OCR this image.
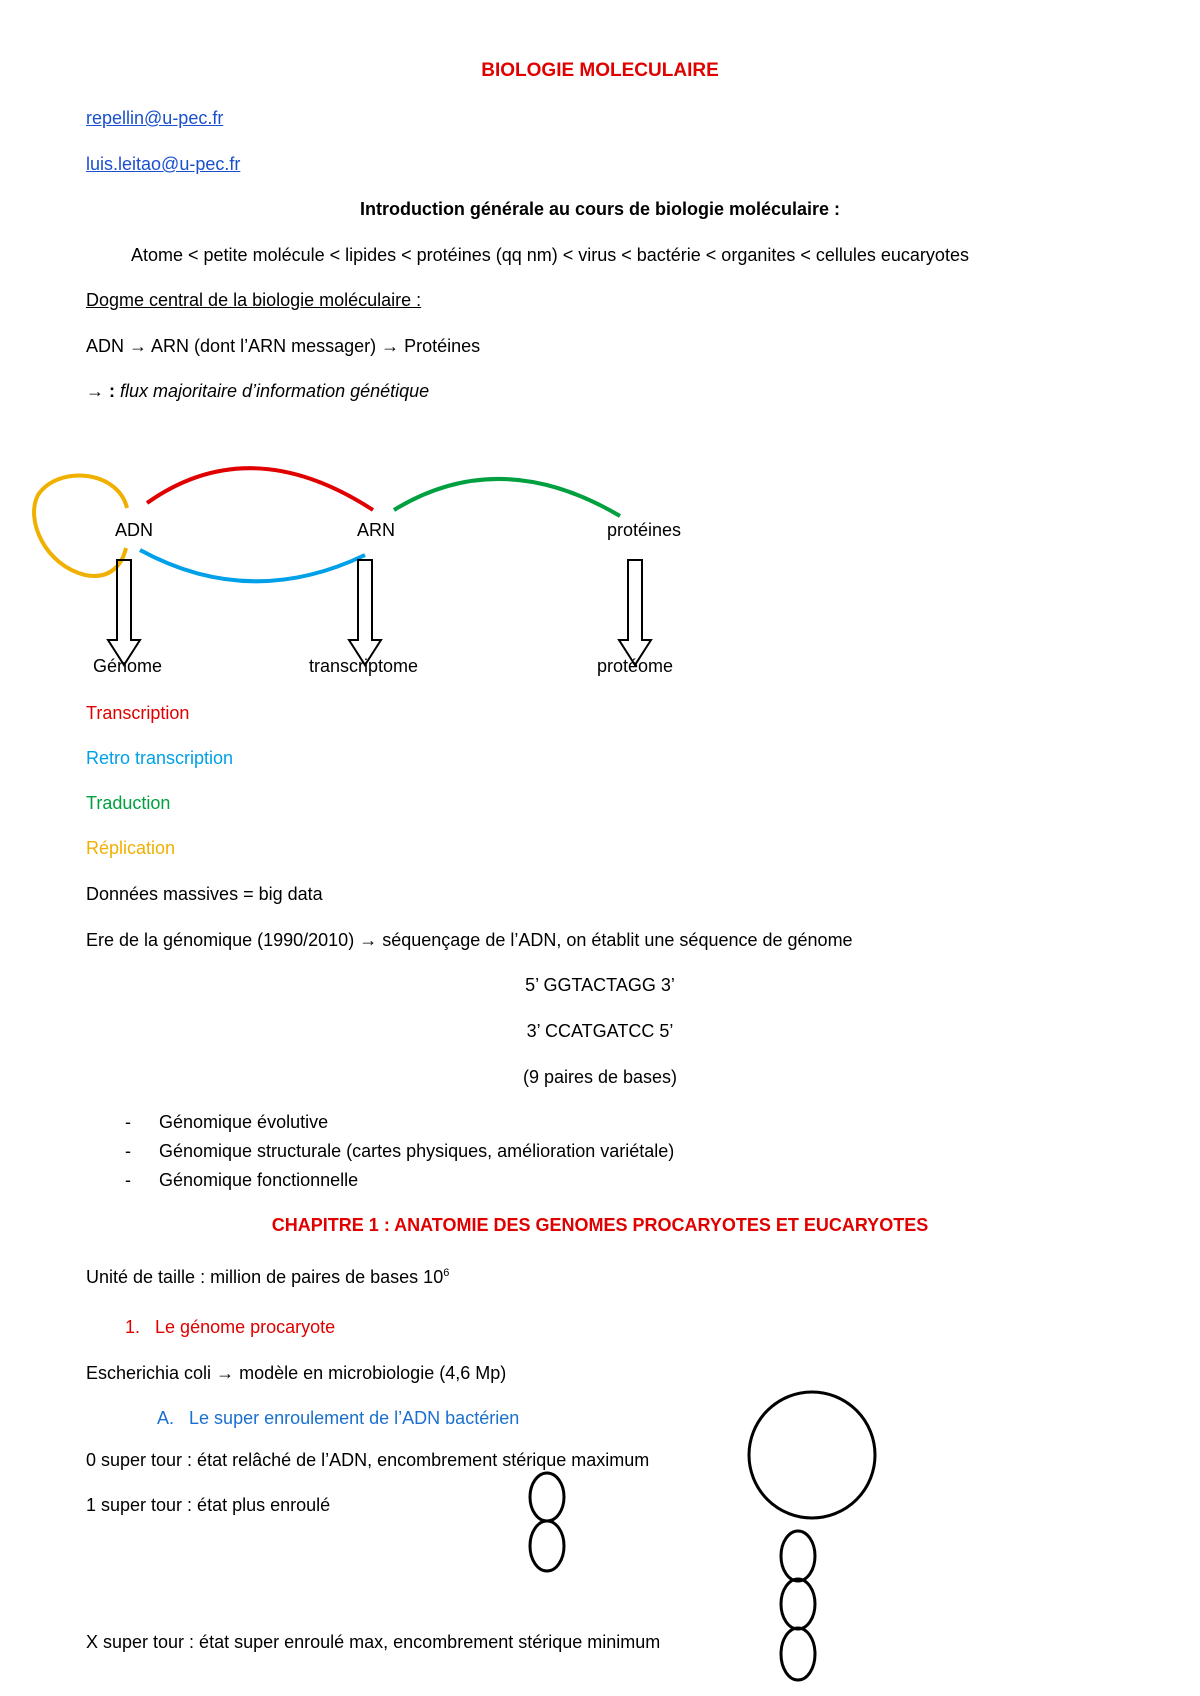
BIOLOGIE MOLECULAIRE
repellin@u-pec.fr
luis.leitao@u-pec.fr
Introduction générale au cours de biologie moléculaire :
Atome < petite molécule < lipides < protéines (qq nm) < virus < bactérie < organites < cellules eucaryotes
Dogme central de la biologie moléculaire :
ADN → ARN (dont l’ARN messager) → Protéines
→ : flux majoritaire d’information génétique
ADN	ARN	protéines
Génome	transcriptome	protéome
Transcription
Retro transcription
Traduction
Réplication
Données massives = big data
Ere de la génomique (1990/2010) → séquençage de l’ADN, on établit une séquence de génome
5’ GGTACTAGG 3’
3’ CCATGATCC 5’
(9 paires de bases)
- Génomique évolutive
- Génomique structurale (cartes physiques, amélioration variétale)
- Génomique fonctionnelle
CHAPITRE 1 : ANATOMIE DES GENOMES PROCARYOTES ET EUCARYOTES
Unité de taille : million de paires de bases $10^6$
1. Le génome procaryote
Escherichia coli → modèle en microbiologie (4,6 Mp)
A. Le super enroulement de l’ADN bactérien
0 super tour : état relâché de l’ADN, encombrement stérique maximum
1 super tour : état plus enroulé
X super tour : état super enroulé max, encombrement stérique minimum
